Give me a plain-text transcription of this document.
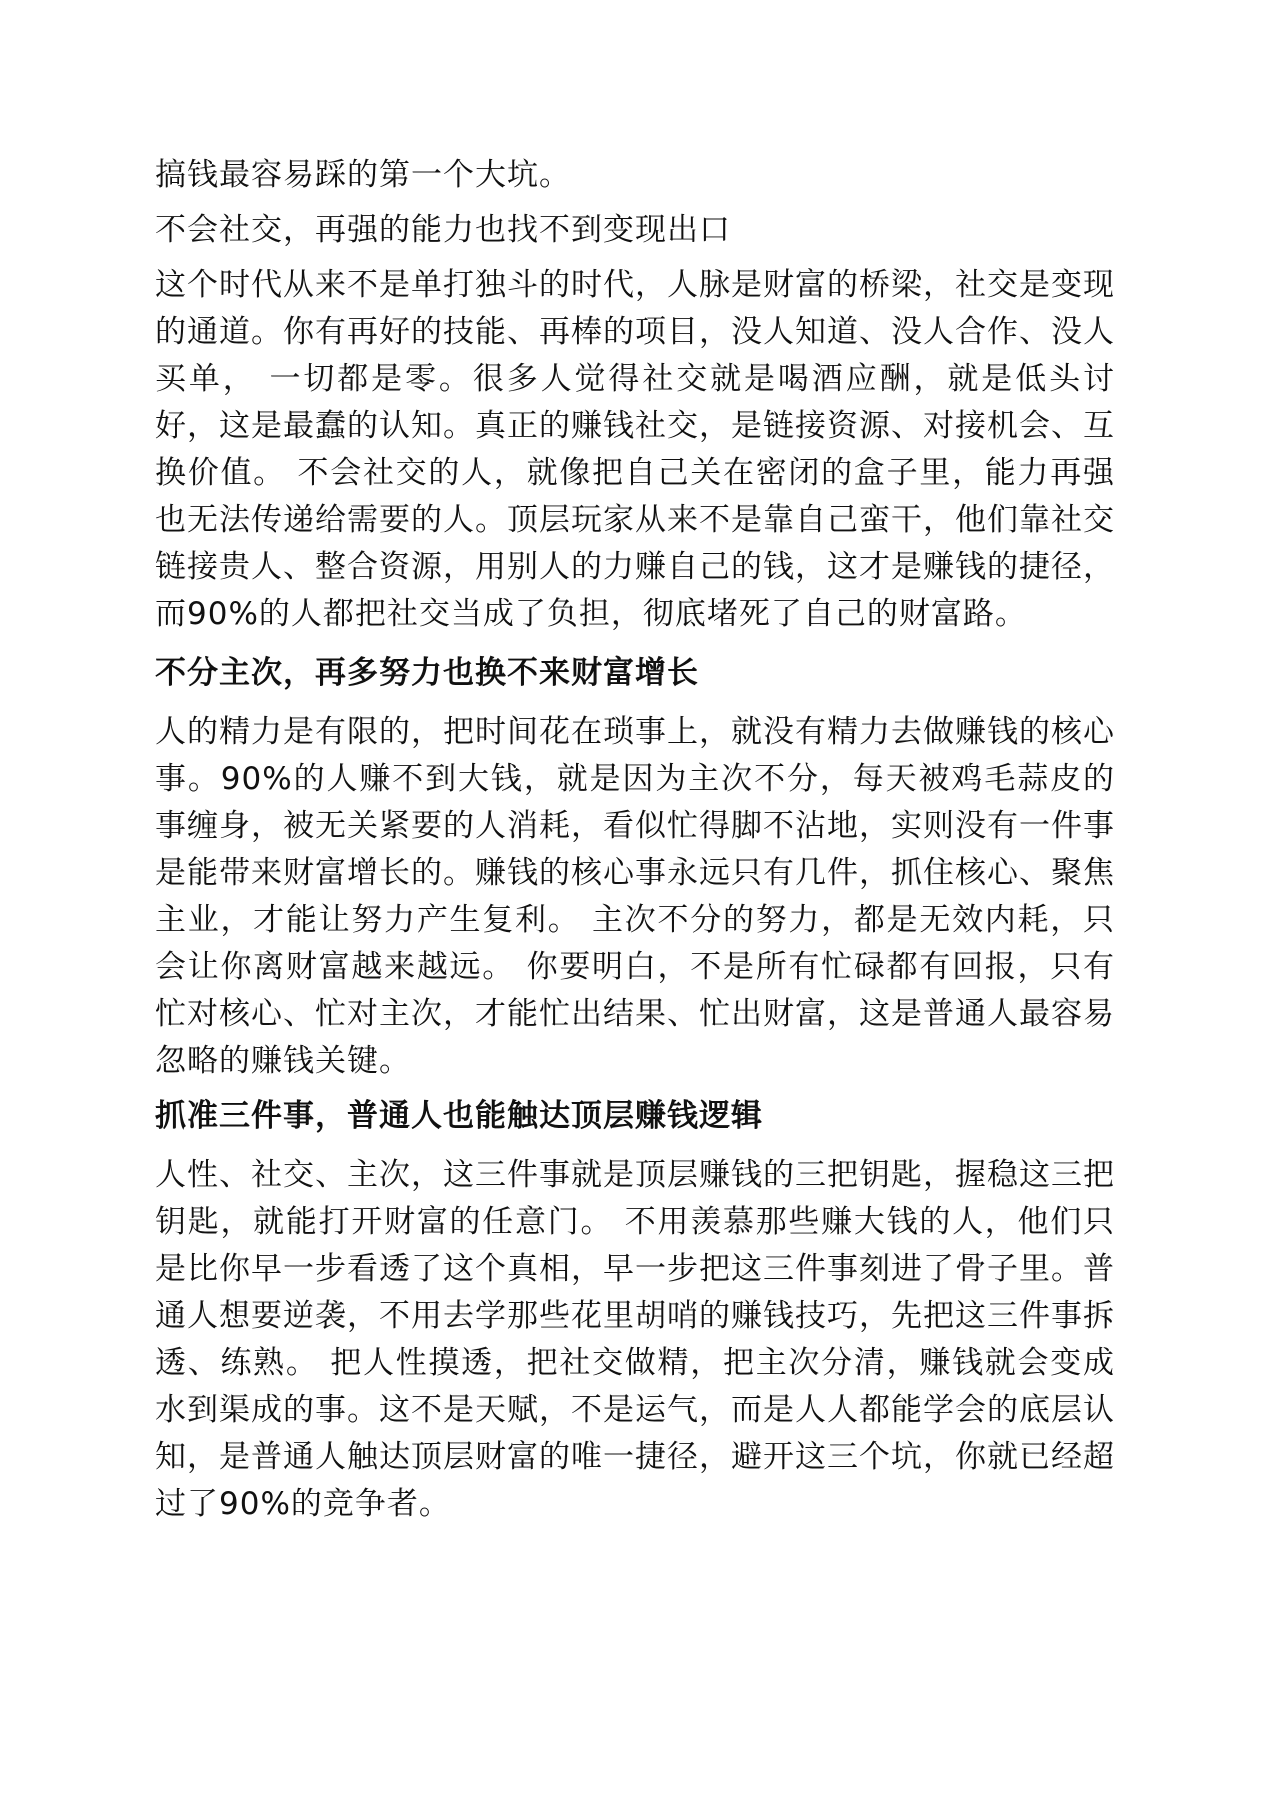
搞钱最容易踩的第一个大坑。

不会社交，再强的能力也找不到变现出口

这个时代从来不是单打独斗的时代，人脉是财富的桥梁，社交是变现的通道。你有再好的技能、再棒的项目，没人知道、没人合作、没人买单， 一切都是零。很多人觉得社交就是喝酒应酬，就是低头讨好，这是最蠢的认知。真正的赚钱社交，是链接资源、对接机会、互换价值。 不会社交的人，就像把自己关在密闭的盒子里，能力再强也无法传递给需要的人。顶层玩家从来不是靠自己蛮干，他们靠社交链接贵人、整合资源，用别人的力赚自己的钱，这才是赚钱的捷径，而90%的人都把社交当成了负担，彻底堵死了自己的财富路。

不分主次，再多努力也换不来财富增长

人的精力是有限的，把时间花在琐事上，就没有精力去做赚钱的核心事。90%的人赚不到大钱，就是因为主次不分，每天被鸡毛蒜皮的事缠身，被无关紧要的人消耗，看似忙得脚不沾地，实则没有一件事是能带来财富增长的。赚钱的核心事永远只有几件，抓住核心、聚焦主业，才能让努力产生复利。 主次不分的努力，都是无效内耗，只会让你离财富越来越远。 你要明白，不是所有忙碌都有回报，只有忙对核心、忙对主次，才能忙出结果、忙出财富，这是普通人最容易忽略的赚钱关键。

抓准三件事，普通人也能触达顶层赚钱逻辑

人性、社交、主次，这三件事就是顶层赚钱的三把钥匙，握稳这三把钥匙，就能打开财富的任意门。 不用羡慕那些赚大钱的人，他们只是比你早一步看透了这个真相，早一步把这三件事刻进了骨子里。普通人想要逆袭，不用去学那些花里胡哨的赚钱技巧，先把这三件事拆透、练熟。 把人性摸透，把社交做精，把主次分清，赚钱就会变成水到渠成的事。这不是天赋，不是运气，而是人人都能学会的底层认知，是普通人触达顶层财富的唯一捷径，避开这三个坑，你就已经超过了90%的竞争者。
